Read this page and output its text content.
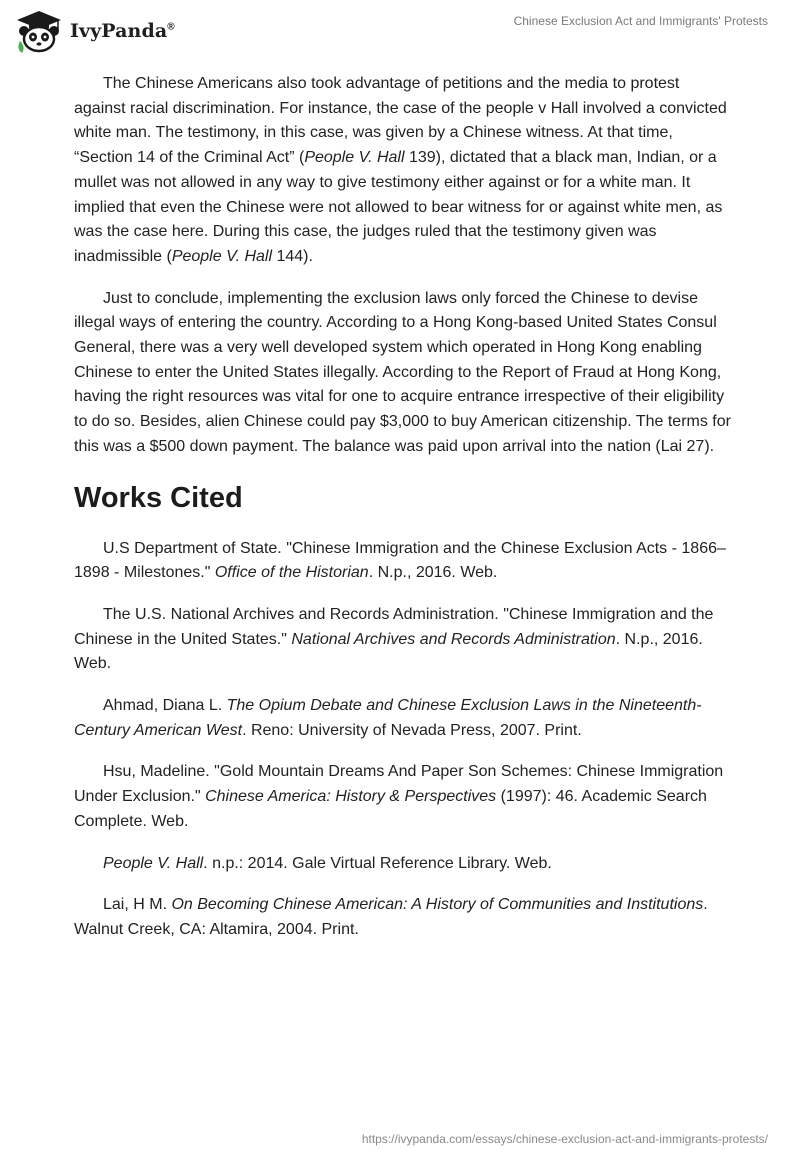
IvyPanda®	Chinese Exclusion Act and Immigrants' Protests

The Chinese Americans also took advantage of petitions and the media to protest against racial discrimination. For instance, the case of the people v Hall involved a convicted white man. The testimony, in this case, was given by a Chinese witness. At that time, “Section 14 of the Criminal Act” (People V. Hall 139), dictated that a black man, Indian, or a mullet was not allowed in any way to give testimony either against or for a white man. It implied that even the Chinese were not allowed to bear witness for or against white men, as was the case here. During this case, the judges ruled that the testimony given was inadmissible (People V. Hall 144).

Just to conclude, implementing the exclusion laws only forced the Chinese to devise illegal ways of entering the country. According to a Hong Kong-based United States Consul General, there was a very well developed system which operated in Hong Kong enabling Chinese to enter the United States illegally. According to the Report of Fraud at Hong Kong, having the right resources was vital for one to acquire entrance irrespective of their eligibility to do so. Besides, alien Chinese could pay $3,000 to buy American citizenship. The terms for this was a $500 down payment. The balance was paid upon arrival into the nation (Lai 27).

Works Cited

U.S Department of State. "Chinese Immigration and the Chinese Exclusion Acts - 1866–1898 - Milestones." Office of the Historian. N.p., 2016. Web.

The U.S. National Archives and Records Administration. "Chinese Immigration and the Chinese in the United States." National Archives and Records Administration. N.p., 2016. Web.

Ahmad, Diana L. The Opium Debate and Chinese Exclusion Laws in the Nineteenth-Century American West. Reno: University of Nevada Press, 2007. Print.

Hsu, Madeline. "Gold Mountain Dreams And Paper Son Schemes: Chinese Immigration Under Exclusion." Chinese America: History & Perspectives (1997): 46. Academic Search Complete. Web.

People V. Hall. n.p.: 2014. Gale Virtual Reference Library. Web.

Lai, H M. On Becoming Chinese American: A History of Communities and Institutions. Walnut Creek, CA: Altamira, 2004. Print.

https://ivypanda.com/essays/chinese-exclusion-act-and-immigrants-protests/
